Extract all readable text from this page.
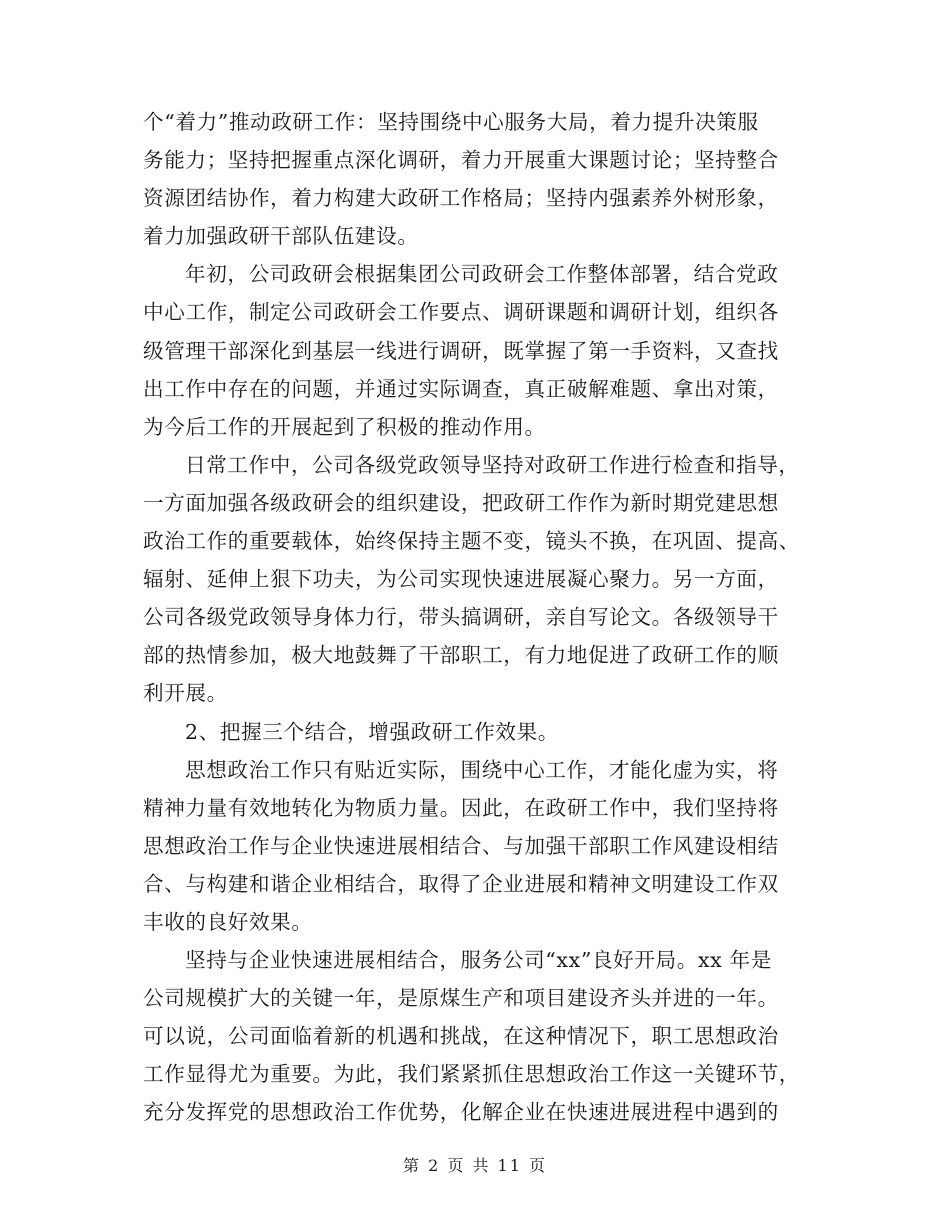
个“着力”推动政研工作：坚持围绕中心服务大局，着力提升决策服
务能力；坚持把握重点深化调研，着力开展重大课题讨论；坚持整合
资源团结协作，着力构建大政研工作格局；坚持内强素养外树形象，
着力加强政研干部队伍建设。
年初，公司政研会根据集团公司政研会工作整体部署，结合党政
中心工作，制定公司政研会工作要点、调研课题和调研计划，组织各
级管理干部深化到基层一线进行调研，既掌握了第一手资料，又查找
出工作中存在的问题，并通过实际调查，真正破解难题、拿出对策，
为今后工作的开展起到了积极的推动作用。
日常工作中，公司各级党政领导坚持对政研工作进行检查和指导，
一方面加强各级政研会的组织建设，把政研工作作为新时期党建思想
政治工作的重要载体，始终保持主题不变，镜头不换，在巩固、提高、
辐射、延伸上狠下功夫，为公司实现快速进展凝心聚力。另一方面，
公司各级党政领导身体力行，带头搞调研，亲自写论文。各级领导干
部的热情参加，极大地鼓舞了干部职工，有力地促进了政研工作的顺
利开展。
2、把握三个结合，增强政研工作效果。
思想政治工作只有贴近实际，围绕中心工作，才能化虚为实，将
精神力量有效地转化为物质力量。因此，在政研工作中，我们坚持将
思想政治工作与企业快速进展相结合、与加强干部职工作风建设相结
合、与构建和谐企业相结合，取得了企业进展和精神文明建设工作双
丰收的良好效果。
坚持与企业快速进展相结合，服务公司“xx”良好开局。xx 年是
公司规模扩大的关键一年，是原煤生产和项目建设齐头并进的一年。
可以说，公司面临着新的机遇和挑战，在这种情况下，职工思想政治
工作显得尤为重要。为此，我们紧紧抓住思想政治工作这一关键环节，
充分发挥党的思想政治工作优势，化解企业在快速进展进程中遇到的
第 2 页 共 11 页
